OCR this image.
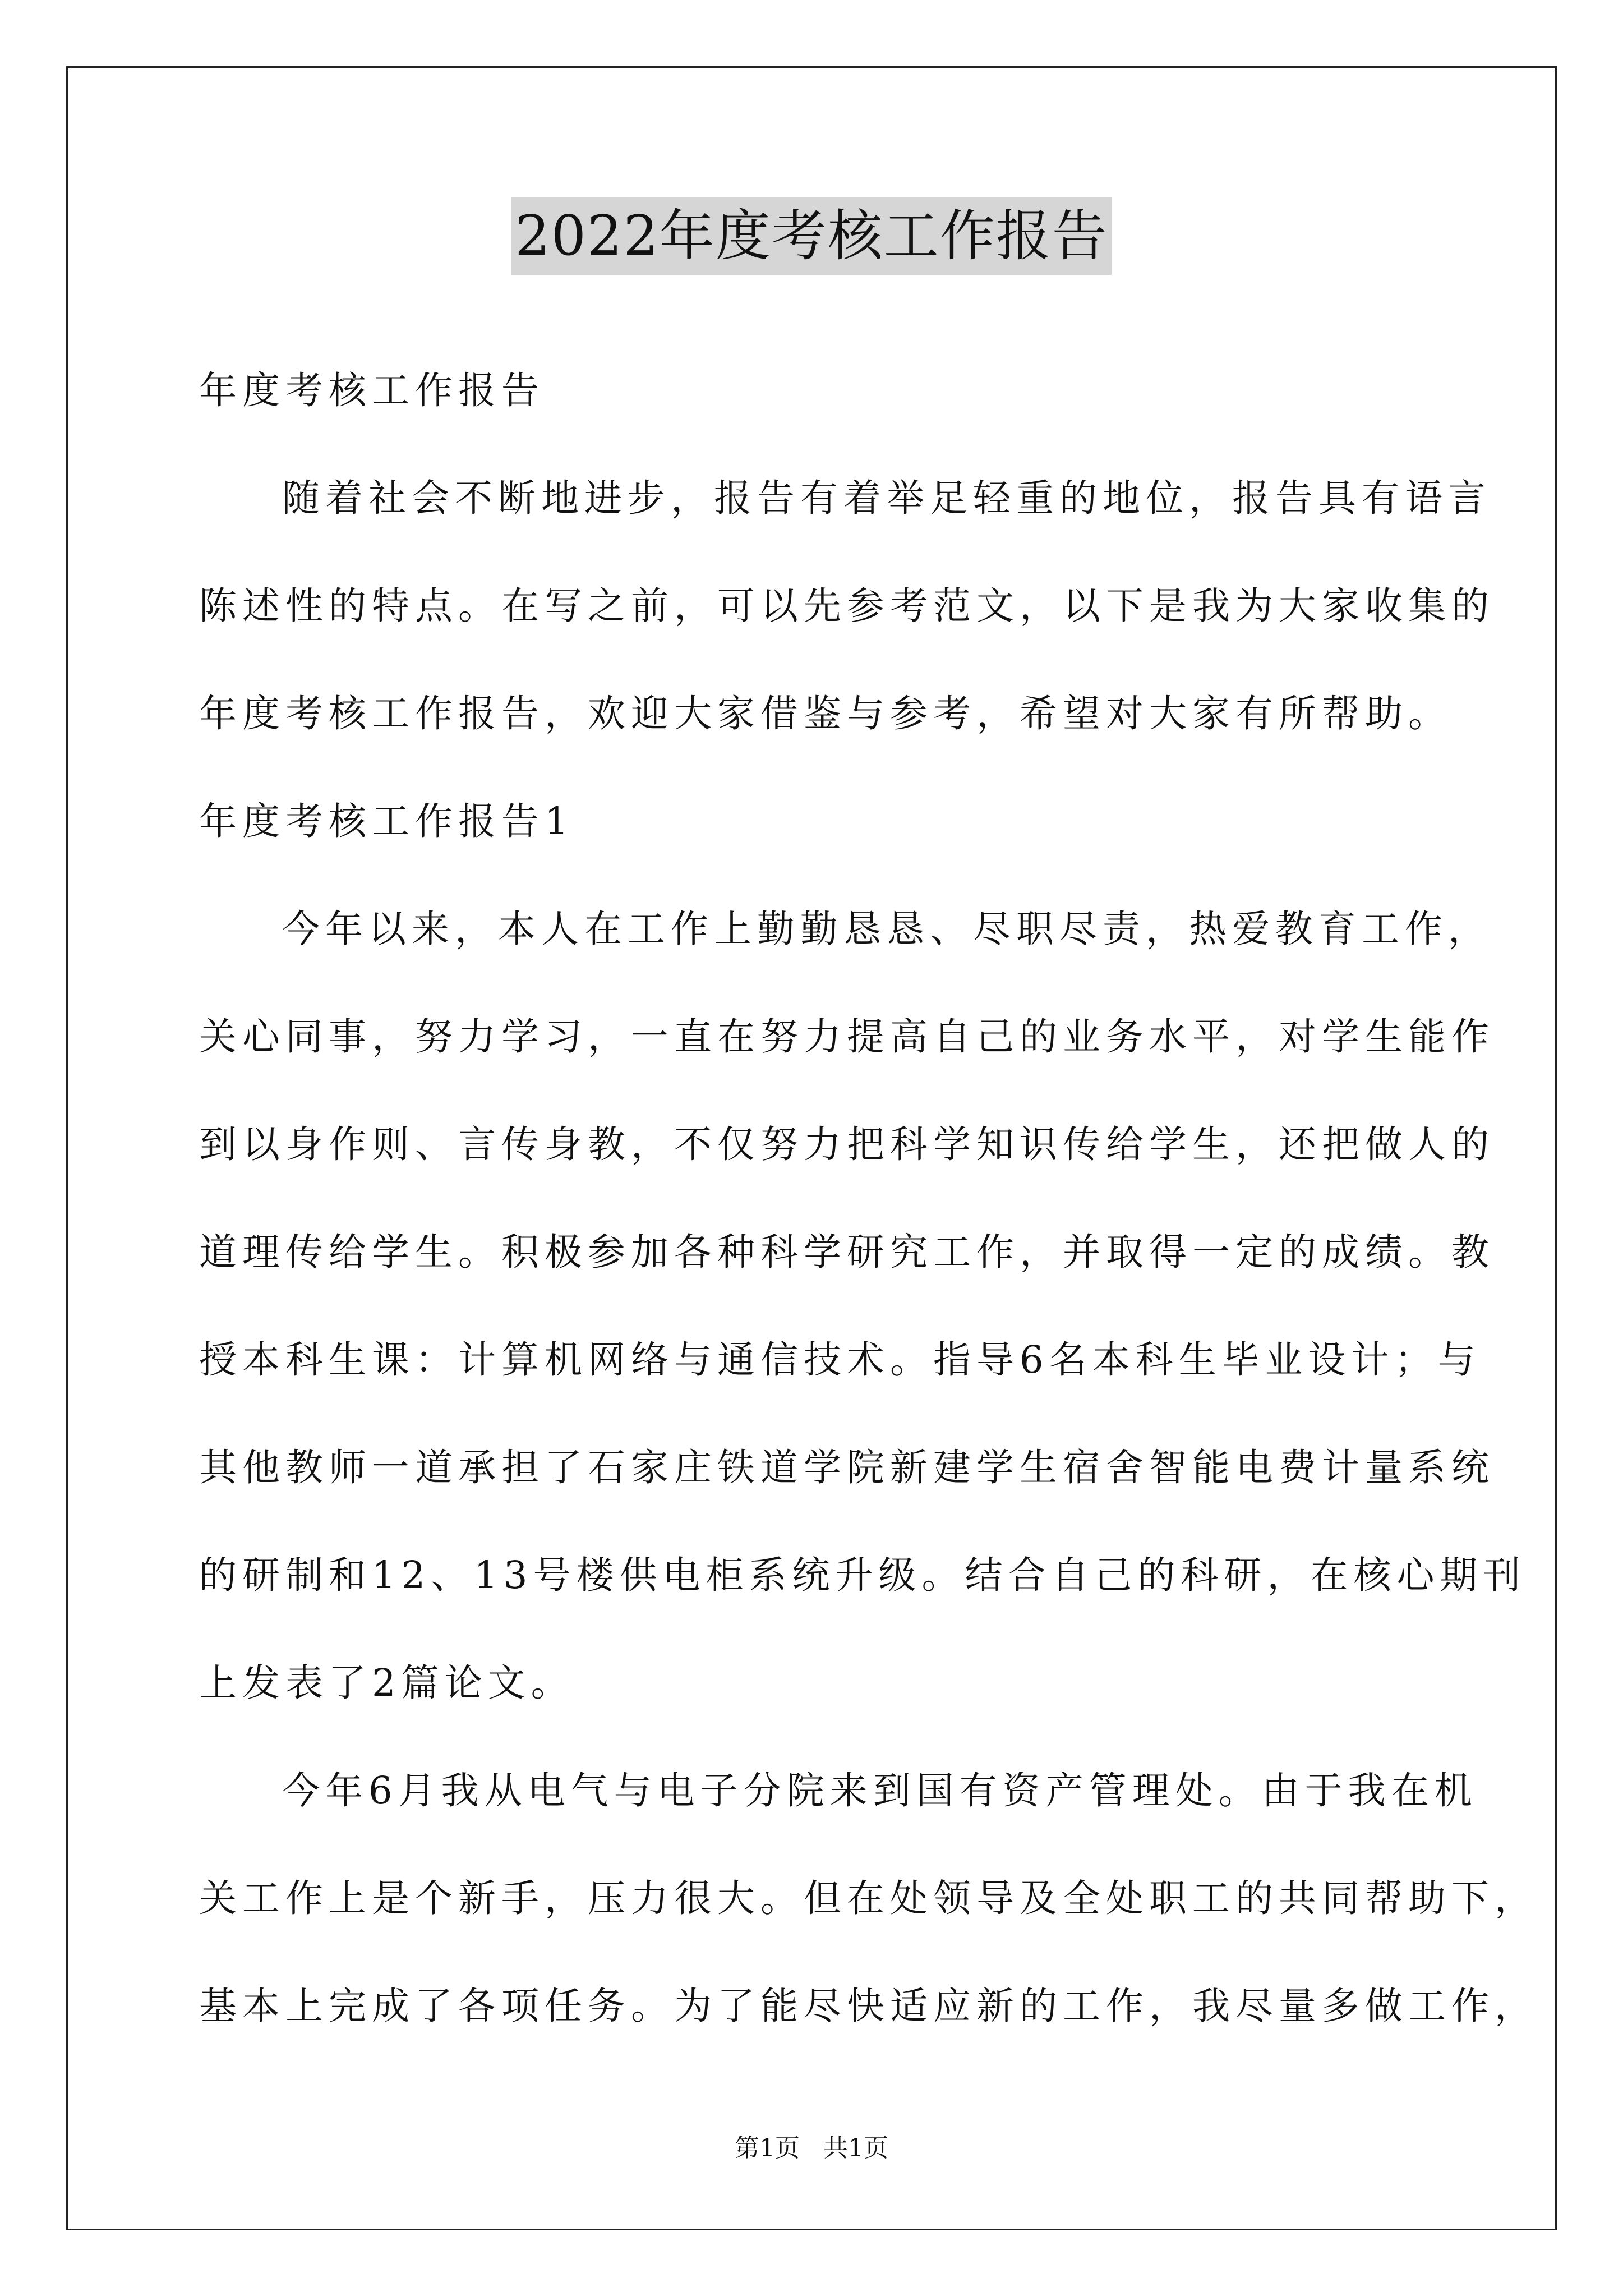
2022年度考核工作报告
年度考核工作报告
随着社会不断地进步，报告有着举足轻重的地位，报告具有语言
陈述性的特点。在写之前，可以先参考范文，以下是我为大家收集的
年度考核工作报告，欢迎大家借鉴与参考，希望对大家有所帮助。
年度考核工作报告1
今年以来，本人在工作上勤勤恳恳、尽职尽责，热爱教育工作，
关心同事，努力学习，一直在努力提高自己的业务水平，对学生能作
到以身作则、言传身教，不仅努力把科学知识传给学生，还把做人的
道理传给学生。积极参加各种科学研究工作，并取得一定的成绩。教
授本科生课：计算机网络与通信技术。指导6名本科生毕业设计；与
其他教师一道承担了石家庄铁道学院新建学生宿舍智能电费计量系统
的研制和12、13号楼供电柜系统升级。结合自己的科研，在核心期刊
上发表了2篇论文。
今年6月我从电气与电子分院来到国有资产管理处。由于我在机
关工作上是个新手，压力很大。但在处领导及全处职工的共同帮助下，
基本上完成了各项任务。为了能尽快适应新的工作，我尽量多做工作，
第1页 共1页
